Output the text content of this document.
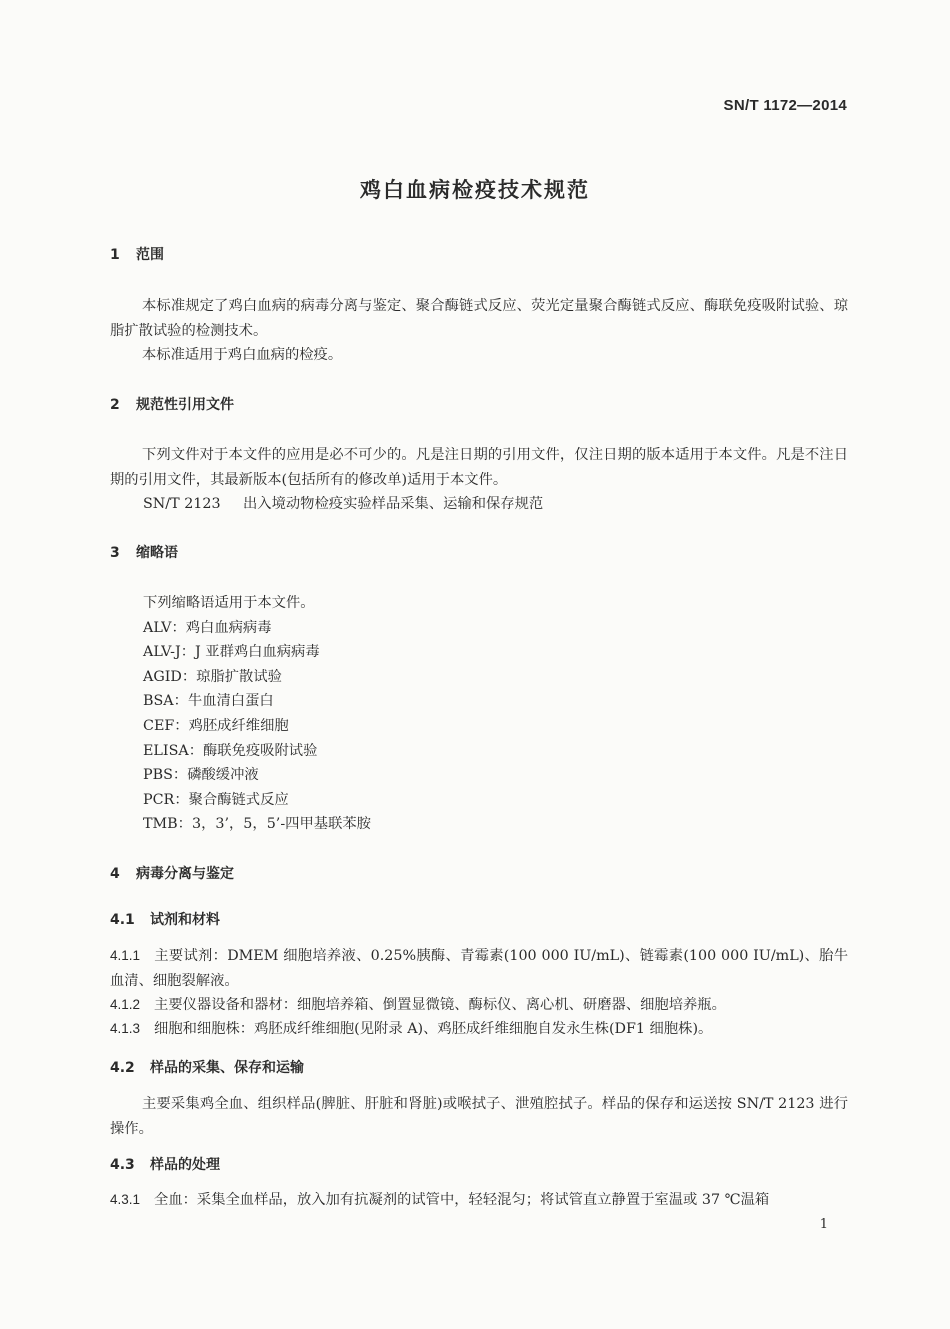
SN/T 1172—2014
鸡白血病检疫技术规范
1 范围
本标准规定了鸡白血病的病毒分离与鉴定、聚合酶链式反应、荧光定量聚合酶链式反应、酶联免疫吸附试验、琼脂扩散试验的检测技术。
本标准适用于鸡白血病的检疫。
2 规范性引用文件
下列文件对于本文件的应用是必不可少的。凡是注日期的引用文件，仅注日期的版本适用于本文件。凡是不注日期的引用文件，其最新版本(包括所有的修改单)适用于本文件。
SN/T 2123 出入境动物检疫实验样品采集、运输和保存规范
3 缩略语
下列缩略语适用于本文件。
ALV：鸡白血病病毒
ALV-J：J 亚群鸡白血病病毒
AGID：琼脂扩散试验
BSA：牛血清白蛋白
CEF：鸡胚成纤维细胞
ELISA：酶联免疫吸附试验
PBS：磷酸缓冲液
PCR：聚合酶链式反应
TMB：3，3’，5，5’-四甲基联苯胺
4 病毒分离与鉴定
4.1 试剂和材料
4.1.1 主要试剂：DMEM 细胞培养液、0.25%胰酶、青霉素(100 000 IU/mL)、链霉素(100 000 IU/mL)、胎牛血清、细胞裂解液。
4.1.2 主要仪器设备和器材：细胞培养箱、倒置显微镜、酶标仪、离心机、研磨器、细胞培养瓶。
4.1.3 细胞和细胞株：鸡胚成纤维细胞(见附录 A)、鸡胚成纤维细胞自发永生株(DF1 细胞株)。
4.2 样品的采集、保存和运输
主要采集鸡全血、组织样品(脾脏、肝脏和肾脏)或喉拭子、泄殖腔拭子。样品的保存和运送按 SN/T 2123 进行操作。
4.3 样品的处理
4.3.1 全血：采集全血样品，放入加有抗凝剂的试管中，轻轻混匀；将试管直立静置于室温或 37 ℃温箱
1
